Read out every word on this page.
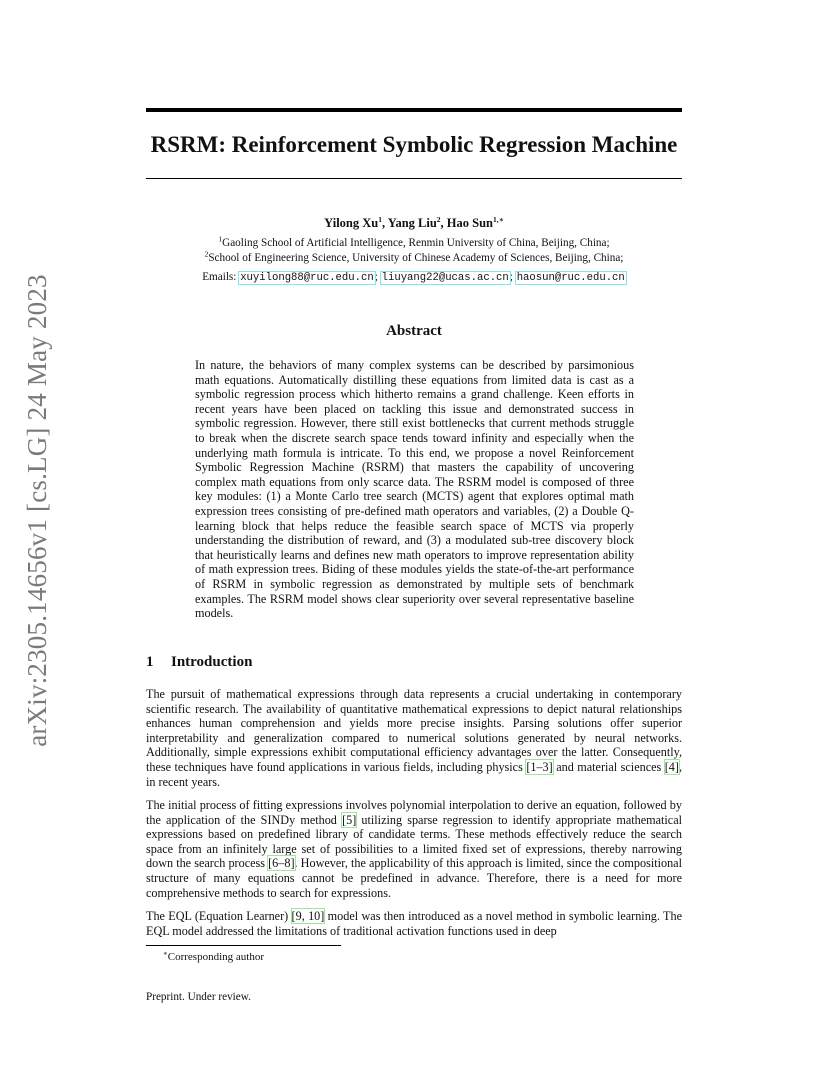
arXiv:2305.14656v1 [cs.LG] 24 May 2023
RSRM: Reinforcement Symbolic Regression Machine
Yilong Xu$^1$, Yang Liu$^2$, Hao Sun$^{1,∗}$
$^1$Gaoling School of Artificial Intelligence, Renmin University of China, Beijing, China;
$^2$School of Engineering Science, University of Chinese Academy of Sciences, Beijing, China;
Emails: xuyilong88@ruc.edu.cn; liuyang22@ucas.ac.cn; haosun@ruc.edu.cn
Abstract

In nature, the behaviors of many complex systems can be described by parsimonious math equations. Automatically distilling these equations from limited data is cast as a symbolic regression process which hitherto remains a grand challenge. Keen efforts in recent years have been placed on tackling this issue and demonstrated success in symbolic regression. However, there still exist bottlenecks that current methods struggle to break when the discrete search space tends toward infinity and especially when the underlying math formula is intricate. To this end, we propose a novel Reinforcement Symbolic Regression Machine (RSRM) that masters the capability of uncovering complex math equations from only scarce data. The RSRM model is composed of three key modules: (1) a Monte Carlo tree search (MCTS) agent that explores optimal math expression trees consisting of pre-defined math operators and variables, (2) a Double Q-learning block that helps reduce the feasible search space of MCTS via properly understanding the distribution of reward, and (3) a modulated sub-tree discovery block that heuristically learns and defines new math operators to improve representation ability of math expression trees. Biding of these modules yields the state-of-the-art performance of RSRM in symbolic regression as demonstrated by multiple sets of benchmark examples. The RSRM model shows clear superiority over several representative baseline models.

1 Introduction

The pursuit of mathematical expressions through data represents a crucial undertaking in contemporary scientific research. The availability of quantitative mathematical expressions to depict natural relationships enhances human comprehension and yields more precise insights. Parsing solutions offer superior interpretability and generalization compared to numerical solutions generated by neural networks. Additionally, simple expressions exhibit computational efficiency advantages over the latter. Consequently, these techniques have found applications in various fields, including physics [1–3] and material sciences [4], in recent years.

The initial process of fitting expressions involves polynomial interpolation to derive an equation, followed by the application of the SINDy method [5] utilizing sparse regression to identify appropriate mathematical expressions based on predefined library of candidate terms. These methods effectively reduce the search space from an infinitely large set of possibilities to a limited fixed set of expressions, thereby narrowing down the search process [6–8]. However, the applicability of this approach is limited, since the compositional structure of many equations cannot be predefined in advance. Therefore, there is a need for more comprehensive methods to search for expressions.

The EQL (Equation Learner) [9, 10] model was then introduced as a novel method in symbolic learning. The EQL model addressed the limitations of traditional activation functions used in deep

∗Corresponding author
Preprint. Under review.
